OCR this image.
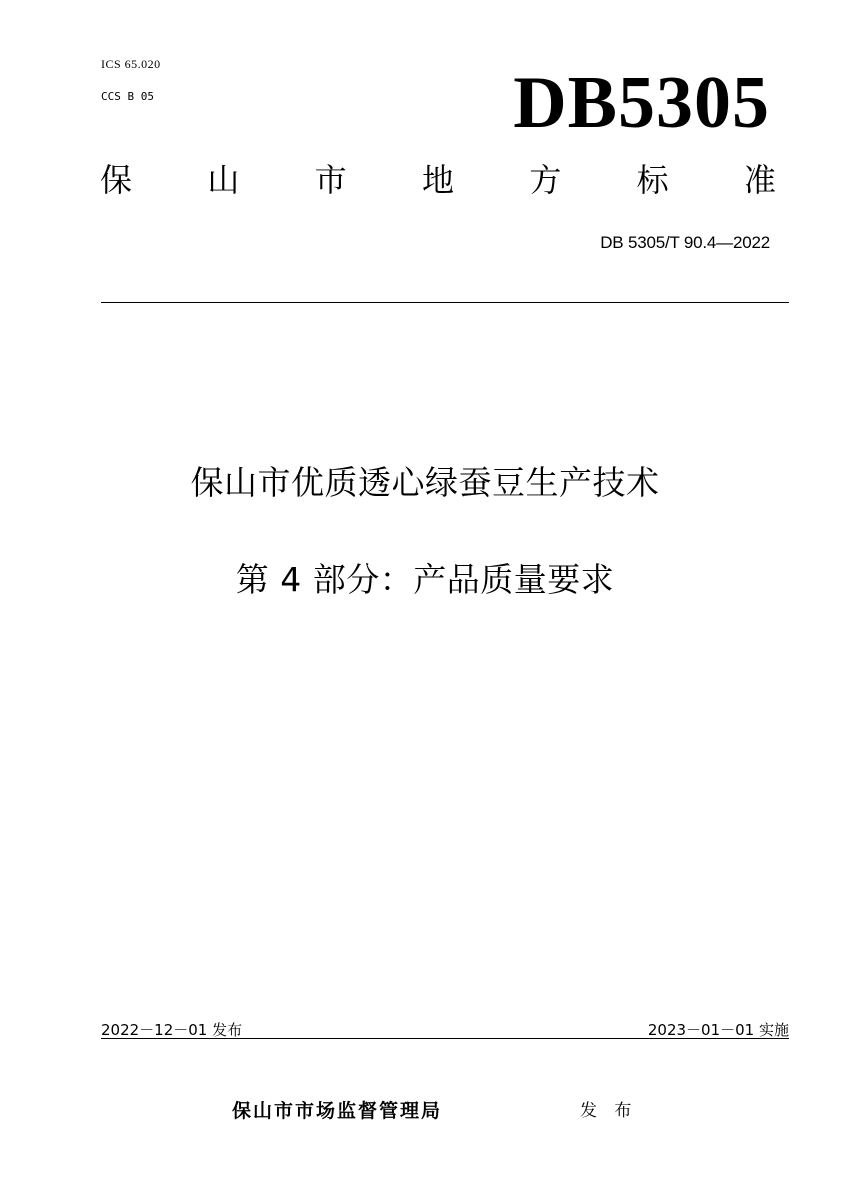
ICS 65.020
CCS B 05	DB5305
保 山 市 地 方 标 准
DB 5305/T 90.4—2022
保山市优质透心绿蚕豆生产技术
第 4 部分：产品质量要求
2022－12－01 发布	2023－01－01 实施
保山市市场监督管理局	发 布
